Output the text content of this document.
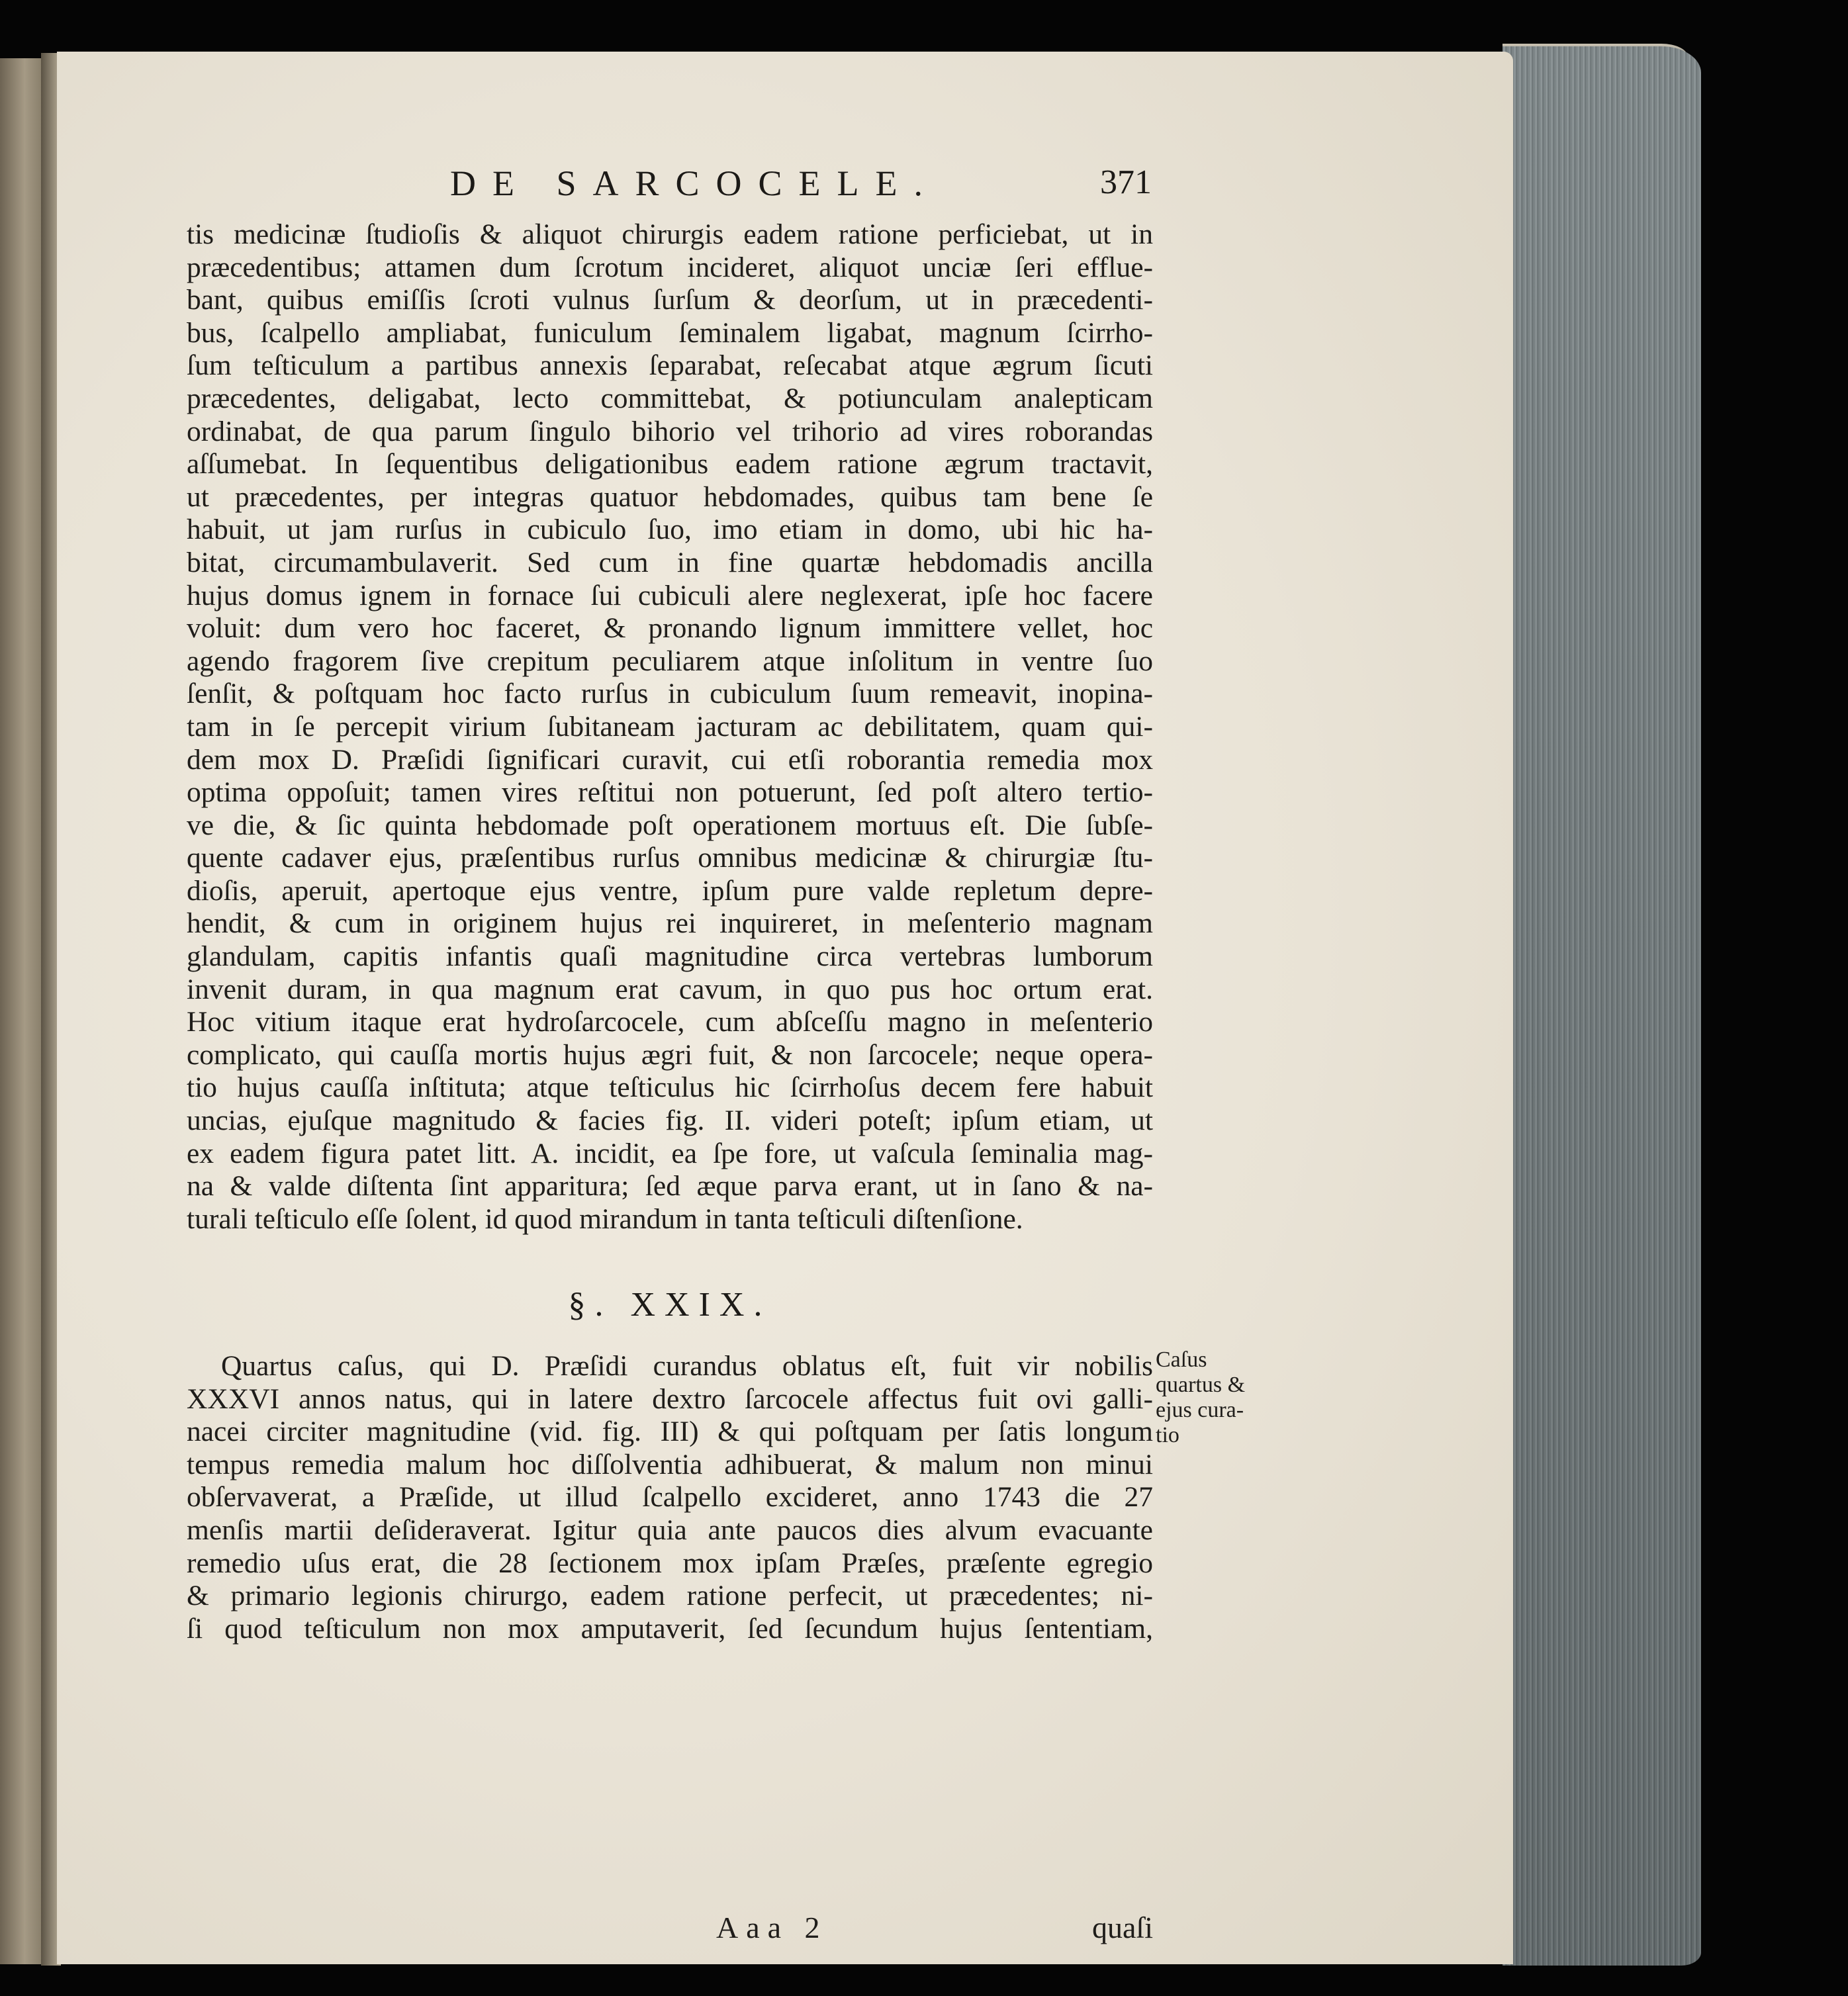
DE SARCOCELE.	371
tis medicinæ ſtudioſis & aliquot chirurgis eadem ratione perficiebat, ut in
præcedentibus; attamen dum ſcrotum incideret, aliquot unciæ ſeri efflue-
bant, quibus emiſſis ſcroti vulnus ſurſum & deorſum, ut in præcedenti-
bus, ſcalpello ampliabat, funiculum ſeminalem ligabat, magnum ſcirrho-
ſum teſticulum a partibus annexis ſeparabat, reſecabat atque ægrum ſicuti
præcedentes, deligabat, lecto committebat, & potiunculam analepticam
ordinabat, de qua parum ſingulo bihorio vel trihorio ad vires roborandas
aſſumebat. In ſequentibus deligationibus eadem ratione ægrum tractavit,
ut præcedentes, per integras quatuor hebdomades, quibus tam bene ſe
habuit, ut jam rurſus in cubiculo ſuo, imo etiam in domo, ubi hic ha-
bitat, circumambulaverit. Sed cum in fine quartæ hebdomadis ancilla
hujus domus ignem in fornace ſui cubiculi alere neglexerat, ipſe hoc facere
voluit: dum vero hoc faceret, & pronando lignum immittere vellet, hoc
agendo fragorem ſive crepitum peculiarem atque inſolitum in ventre ſuo
ſenſit, & poſtquam hoc facto rurſus in cubiculum ſuum remeavit, inopina-
tam in ſe percepit virium ſubitaneam jacturam ac debilitatem, quam qui-
dem mox D. Præſidi ſignificari curavit, cui etſi roborantia remedia mox
optima oppoſuit; tamen vires reſtitui non potuerunt, ſed poſt altero tertio-
ve die, & ſic quinta hebdomade poſt operationem mortuus eſt. Die ſubſe-
quente cadaver ejus, præſentibus rurſus omnibus medicinæ & chirurgiæ ſtu-
dioſis, aperuit, apertoque ejus ventre, ipſum pure valde repletum depre-
hendit, & cum in originem hujus rei inquireret, in meſenterio magnam
glandulam, capitis infantis quaſi magnitudine circa vertebras lumborum
invenit duram, in qua magnum erat cavum, in quo pus hoc ortum erat.
Hoc vitium itaque erat hydroſarcocele, cum abſceſſu magno in meſenterio
complicato, qui cauſſa mortis hujus ægri fuit, & non ſarcocele; neque opera-
tio hujus cauſſa inſtituta; atque teſticulus hic ſcirrhoſus decem fere habuit
uncias, ejuſque magnitudo & facies fig. II. videri poteſt; ipſum etiam, ut
ex eadem figura patet litt. A. incidit, ea ſpe fore, ut vaſcula ſeminalia mag-
na & valde diſtenta ſint apparitura; ſed æque parva erant, ut in ſano & na-
turali teſticulo eſſe ſolent, id quod mirandum in tanta teſticuli diſtenſione.
§. XXIX.
Quartus caſus, qui D. Præſidi curandus oblatus eſt, fuit vir nobilis
XXXVI annos natus, qui in latere dextro ſarcocele affectus fuit ovi galli-
nacei circiter magnitudine (vid. fig. III) & qui poſtquam per ſatis longum
tempus remedia malum hoc diſſolventia adhibuerat, & malum non minui
obſervaverat, a Præſide, ut illud ſcalpello excideret, anno 1743 die 27
menſis martii deſideraverat. Igitur quia ante paucos dies alvum evacuante
remedio uſus erat, die 28 ſectionem mox ipſam Præſes, præſente egregio
& primario legionis chirurgo, eadem ratione perfecit, ut præcedentes; ni-
ſi quod teſticulum non mox amputaverit, ſed ſecundum hujus ſententiam,
Caſus
quartus &
ejus cura-
tio
Aaa 2	quaſi
